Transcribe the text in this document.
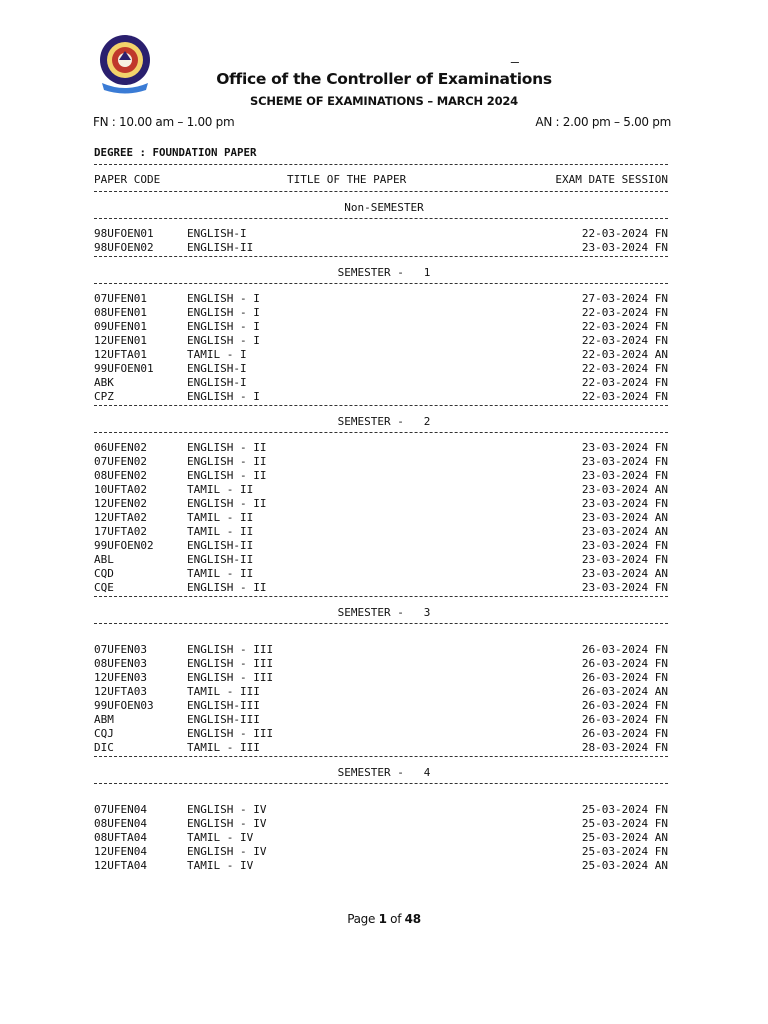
_
Office of the Controller of Examinations
SCHEME OF EXAMINATIONS – MARCH 2024
FN : 10.00 am – 1.00 pm	AN : 2.00 pm – 5.00 pm
DEGREE : FOUNDATION PAPER
PAPER CODE	TITLE OF THE PAPER	EXAM DATE SESSION
Non-SEMESTER
98UFOEN01	ENGLISH-I	22-03-2024 FN
98UFOEN02	ENGLISH-II	23-03-2024 FN
SEMESTER -   1
07UFEN01	ENGLISH - I	27-03-2024 FN
08UFEN01	ENGLISH - I	22-03-2024 FN
09UFEN01	ENGLISH - I	22-03-2024 FN
12UFEN01	ENGLISH - I	22-03-2024 FN
12UFTA01	TAMIL - I	22-03-2024 AN
99UFOEN01	ENGLISH-I	22-03-2024 FN
ABK	ENGLISH-I	22-03-2024 FN
CPZ	ENGLISH - I	22-03-2024 FN
SEMESTER -   2
06UFEN02	ENGLISH - II	23-03-2024 FN
07UFEN02	ENGLISH - II	23-03-2024 FN
08UFEN02	ENGLISH - II	23-03-2024 FN
10UFTA02	TAMIL - II	23-03-2024 AN
12UFEN02	ENGLISH - II	23-03-2024 FN
12UFTA02	TAMIL - II	23-03-2024 AN
17UFTA02	TAMIL - II	23-03-2024 AN
99UFOEN02	ENGLISH-II	23-03-2024 FN
ABL	ENGLISH-II	23-03-2024 FN
CQD	TAMIL - II	23-03-2024 AN
CQE	ENGLISH - II	23-03-2024 FN
SEMESTER -   3
07UFEN03	ENGLISH - III	26-03-2024 FN
08UFEN03	ENGLISH - III	26-03-2024 FN
12UFEN03	ENGLISH - III	26-03-2024 FN
12UFTA03	TAMIL - III	26-03-2024 AN
99UFOEN03	ENGLISH-III	26-03-2024 FN
ABM	ENGLISH-III	26-03-2024 FN
CQJ	ENGLISH - III	26-03-2024 FN
DIC	TAMIL - III	28-03-2024 FN
SEMESTER -   4
07UFEN04	ENGLISH - IV	25-03-2024 FN
08UFEN04	ENGLISH - IV	25-03-2024 FN
08UFTA04	TAMIL - IV	25-03-2024 AN
12UFEN04	ENGLISH - IV	25-03-2024 FN
12UFTA04	TAMIL - IV	25-03-2024 AN
Page 1 of 48
